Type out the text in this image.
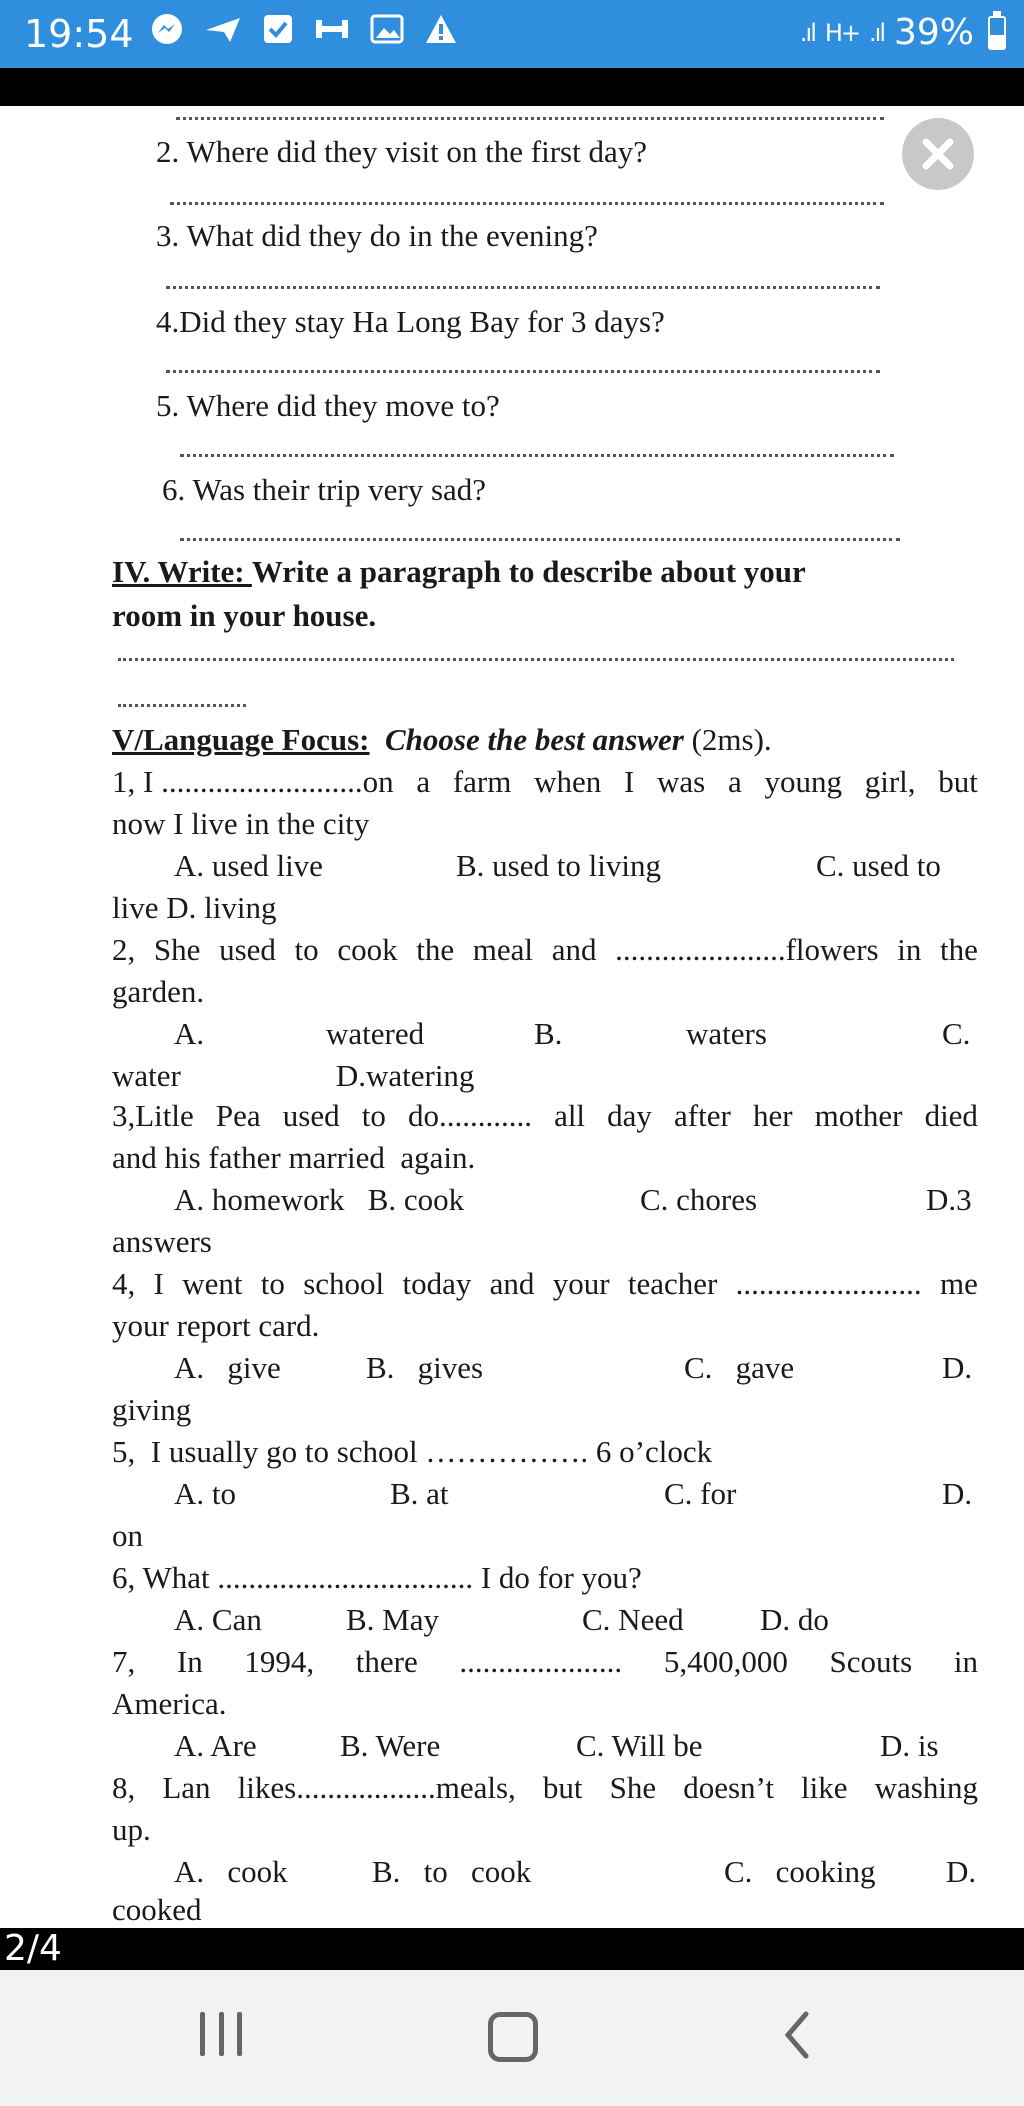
19:54	.ıl H+ .ıl 39%
2. Where did they visit on the first day?
3. What did they do in the evening?
4.Did they stay Ha Long Bay for 3 days?
5. Where did they move to?
6. Was their trip very sad?
IV. Write: Write a paragraph to describe about your
room in your house.
V/Language Focus: Choose the best answer (2ms).
1, I ..........................on a farm when I was a young girl, but
now I live in the city
A. used live	B. used to living	C. used to
live D. living
2, She used to cook the meal and ......................flowers in the
garden.
A.	watered	B.	waters	C.
water                    D.watering
3,Litle Pea used to do............ all day after her mother died
and his father married  again.
A. homework   B. cook	C. chores	D.3
answers
4, I went to school today and your teacher ........................ me
your report card.
A.   give	B.   gives	C.   gave	D.
giving
5,  I usually go to school ……………. 6 o’clock
A. to	B. at	C. for	D.
on
6, What ................................. I do for you?
A. Can	B. May	C. Need D. do
7, In 1994, there ..................... 5,400,000 Scouts in
America.
A. Are	B. Were	C. Will be	D. is
8, Lan likes..................meals, but She doesn’t like washing
up.
A.   cook	B.   to   cook	C.   cooking D.
cooked
2/4
